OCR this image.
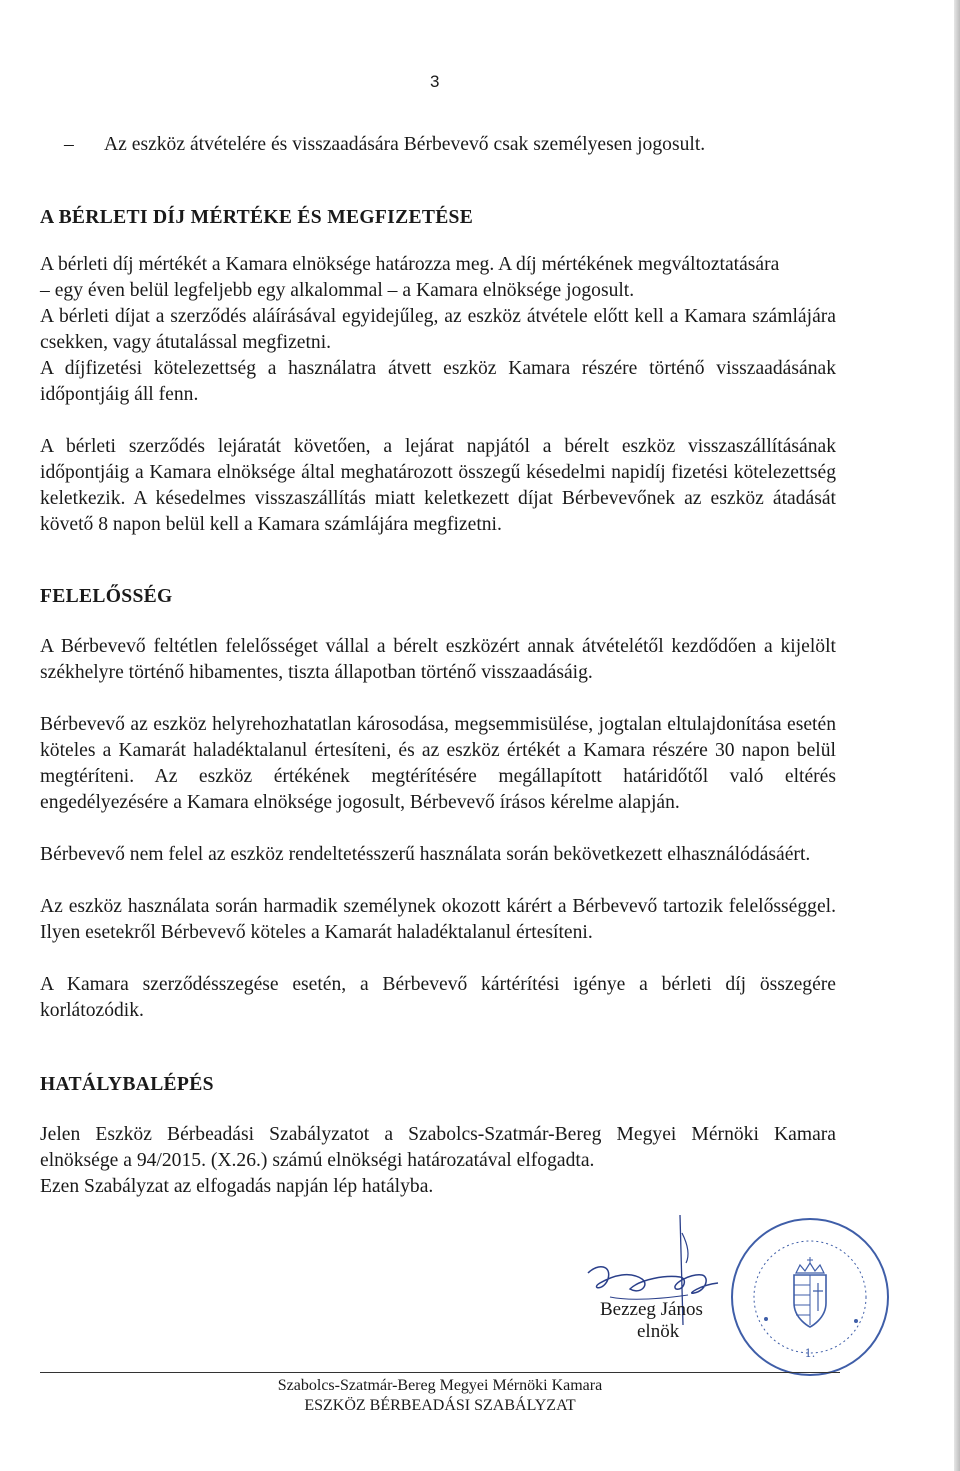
3
–	Az eszköz átvételére és visszaadására Bérbevevő csak személyesen jogosult.
A BÉRLETI DÍJ MÉRTÉKE ÉS MEGFIZETÉSE

A bérleti díj mértékét a Kamara elnöksége határozza meg. A díj mértékének megváltoztatására

– egy éven belül legfeljebb egy alkalommal – a Kamara elnöksége jogosult.

A bérleti díjat a szerződés aláírásával egyidejűleg, az eszköz átvétele előtt kell a Kamara számlájára csekken, vagy átutalással megfizetni.

A díjfizetési kötelezettség a használatra átvett eszköz Kamara részére történő visszaadásának időpontjáig áll fenn.

A bérleti szerződés lejáratát követően, a lejárat napjától a bérelt eszköz visszaszállításának időpontjáig a Kamara elnöksége által meghatározott összegű késedelmi napidíj fizetési kötelezettség keletkezik. A késedelmes visszaszállítás miatt keletkezett díjat Bérbevevőnek az eszköz átadását követő 8 napon belül kell a Kamara számlájára megfizetni.

FELELŐSSÉG

A Bérbevevő feltétlen felelősséget vállal a bérelt eszközért annak átvételétől kezdődően a kijelölt székhelyre történő hibamentes, tiszta állapotban történő visszaadásáig.

Bérbevevő az eszköz helyrehozhatatlan károsodása, megsemmisülése, jogtalan eltulajdonítása esetén köteles a Kamarát haladéktalanul értesíteni, és az eszköz értékét a Kamara részére 30 napon belül megtéríteni. Az eszköz értékének megtérítésére megállapított határidőtől való eltérés engedélyezésére a Kamara elnöksége jogosult, Bérbevevő írásos kérelme alapján.

Bérbevevő nem felel az eszköz rendeltetésszerű használata során bekövetkezett elhasználódásáért.

Az eszköz használata során harmadik személynek okozott kárért a Bérbevevő tartozik felelősséggel. Ilyen esetekről Bérbevevő köteles a Kamarát haladéktalanul értesíteni.

A Kamara szerződésszegése esetén, a Bérbevevő kártérítési igénye a bérleti díj összegére korlátozódik.

HATÁLYBALÉPÉS

Jelen Eszköz Bérbeadási Szabályzatot a Szabolcs-Szatmár-Bereg Megyei Mérnöki Kamara elnöksége a 94/2015. (X.26.) számú elnökségi határozatával elfogadta.

Ezen Szabályzat az elfogadás napján lép hatályba.

1.
Bezzeg János
elnök
Szabolcs-Szatmár-Bereg Megyei Mérnöki Kamara
ESZKÖZ BÉRBEADÁSI SZABÁLYZAT
